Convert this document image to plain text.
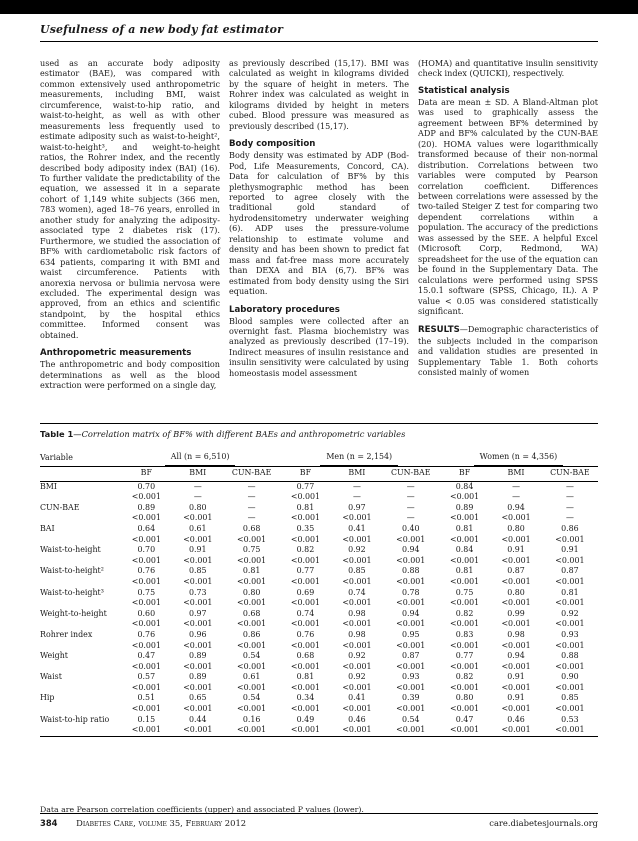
Usefulness of a new body fat estimator

used as an accurate body adiposity estimator (BAE), was compared with common extensively used anthropometric measurements, including BMI, waist circumference, waist-to-hip ratio, and waist-to-height, as well as with other measurements less frequently used to estimate adiposity such as waist-to-height², waist-to-height³, and weight-to-height ratios, the Rohrer index, and the recently described body adiposity index (BAI) (16). To further validate the predictability of the equation, we assessed it in a separate cohort of 1,149 white subjects (366 men, 783 women), aged 18–76 years, enrolled in another study for analyzing the adiposity-associated type 2 diabetes risk (17). Furthermore, we studied the association of BF% with cardiometabolic risk factors of 634 patients, comparing it with BMI and waist circumference. Patients with anorexia nervosa or bulimia nervosa were excluded. The experimental design was approved, from an ethics and scientific standpoint, by the hospital ethics committee. Informed consent was obtained.

Anthropometric measurements

The anthropometric and body composition determinations as well as the blood extraction were performed on a single day,

as previously described (15,17). BMI was calculated as weight in kilograms divided by the square of height in meters. The Rohrer index was calculated as weight in kilograms divided by height in meters cubed. Blood pressure was measured as previously described (15,17).

Body composition

Body density was estimated by ADP (Bod-Pod, Life Measurements, Concord, CA). Data for calculation of BF% by this plethysmographic method has been reported to agree closely with the traditional gold standard of hydrodensitometry underwater weighing (6). ADP uses the pressure-volume relationship to estimate volume and density and has been shown to predict fat mass and fat-free mass more accurately than DEXA and BIA (6,7). BF% was estimated from body density using the Siri equation.

Laboratory procedures

Blood samples were collected after an overnight fast. Plasma biochemistry was analyzed as previously described (17–19). Indirect measures of insulin resistance and insulin sensitivity were calculated by using homeostasis model assessment

(HOMA) and quantitative insulin sensitivity check index (QUICKI), respectively.

Statistical analysis

Data are mean ± SD. A Bland-Altman plot was used to graphically assess the agreement between BF% determined by ADP and BF% calculated by the CUN-BAE (20). HOMA values were logarithmically transformed because of their non-normal distribution. Correlations between two variables were computed by Pearson correlation coefficient. Differences between correlations were assessed by the two-tailed Steiger Z test for comparing two dependent correlations within a population. The accuracy of the predictions was assessed by the SEE. A helpful Excel (Microsoft Corp, Redmond, WA) spreadsheet for the use of the equation can be found in the Supplementary Data. The calculations were performed using SPSS 15.0.1 software (SPSS, Chicago, IL). A P value < 0.05 was considered statistically significant.

RESULTS—Demographic characteristics of the subjects included in the comparison and validation studies are presented in Supplementary Table 1. Both cohorts consisted mainly of women

Table 1—Correlation matrix of BF% with different BAEs and anthropometric variables
Variable	All (n = 6,510)			Men (n = 2,154)			Women (n = 4,356)		
	BF	BMI	CUN-BAE	BF	BMI	CUN-BAE	BF	BMI	CUN-BAE
BMI	0.70	—	—	0.77	—	—	0.84	—	—
	<0.001	—	—	<0.001	—	—	<0.001	—	—
CUN-BAE	0.89	0.80	—	0.81	0.97	—	0.89	0.94	—
	<0.001	<0.001	—	<0.001	<0.001	—	<0.001	<0.001	—
BAI	0.64	0.61	0.68	0.35	0.41	0.40	0.81	0.80	0.86
	<0.001	<0.001	<0.001	<0.001	<0.001	<0.001	<0.001	<0.001	<0.001
Waist-to-height	0.70	0.91	0.75	0.82	0.92	0.94	0.84	0.91	0.91
	<0.001	<0.001	<0.001	<0.001	<0.001	<0.001	<0.001	<0.001	<0.001
Waist-to-height²	0.76	0.85	0.81	0.77	0.85	0.88	0.81	0.87	0.87
	<0.001	<0.001	<0.001	<0.001	<0.001	<0.001	<0.001	<0.001	<0.001
Waist-to-height³	0.75	0.73	0.80	0.69	0.74	0.78	0.75	0.80	0.81
	<0.001	<0.001	<0.001	<0.001	<0.001	<0.001	<0.001	<0.001	<0.001
Weight-to-height	0.60	0.97	0.68	0.74	0.98	0.94	0.82	0.99	0.92
	<0.001	<0.001	<0.001	<0.001	<0.001	<0.001	<0.001	<0.001	<0.001
Rohrer index	0.76	0.96	0.86	0.76	0.98	0.95	0.83	0.98	0.93
	<0.001	<0.001	<0.001	<0.001	<0.001	<0.001	<0.001	<0.001	<0.001
Weight	0.47	0.89	0.54	0.68	0.92	0.87	0.77	0.94	0.88
	<0.001	<0.001	<0.001	<0.001	<0.001	<0.001	<0.001	<0.001	<0.001
Waist	0.57	0.89	0.61	0.81	0.92	0.93	0.82	0.91	0.90
	<0.001	<0.001	<0.001	<0.001	<0.001	<0.001	<0.001	<0.001	<0.001
Hip	0.51	0.65	0.54	0.34	0.41	0.39	0.80	0.91	0.85
	<0.001	<0.001	<0.001	<0.001	<0.001	<0.001	<0.001	<0.001	<0.001
Waist-to-hip ratio	0.15	0.44	0.16	0.49	0.46	0.54	0.47	0.46	0.53
	<0.001	<0.001	<0.001	<0.001	<0.001	<0.001	<0.001	<0.001	<0.001
Data are Pearson correlation coefficients (upper) and associated P values (lower).
384 Diabetes Care, volume 35, February 2012	care.diabetesjournals.org
